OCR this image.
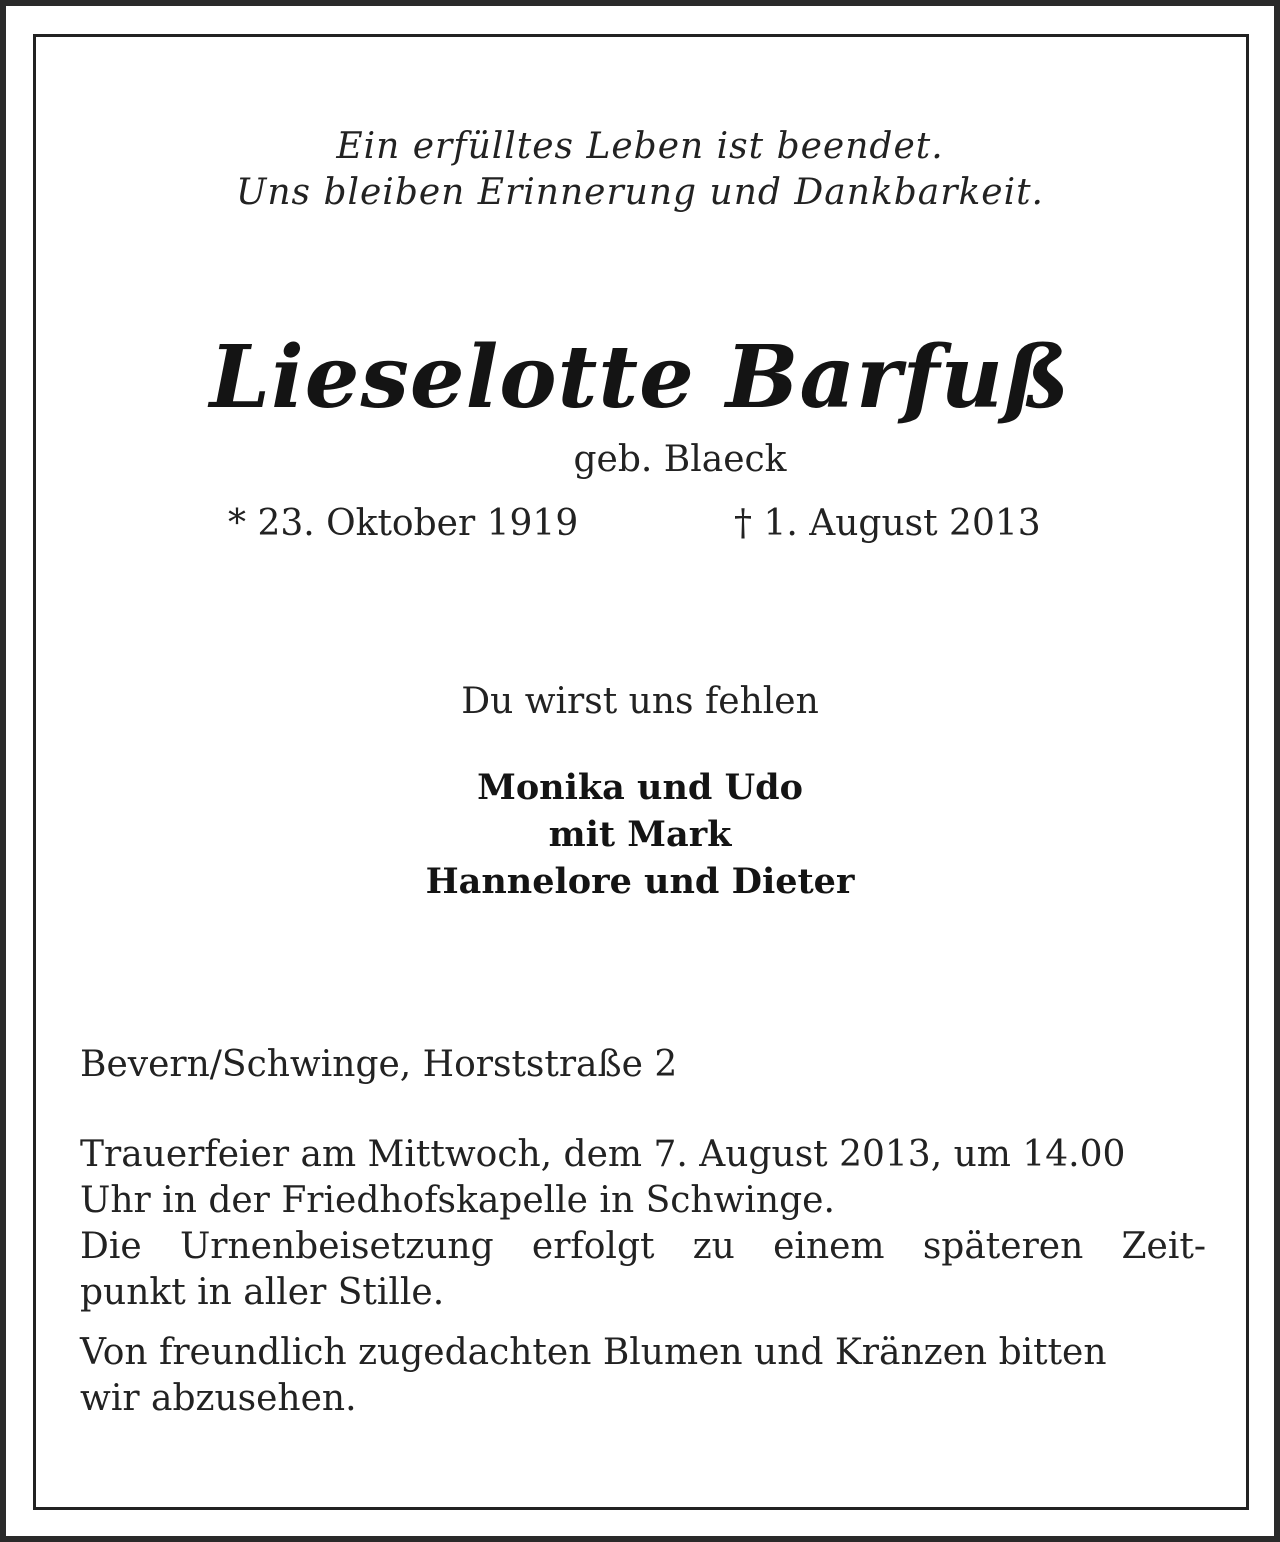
Ein erfülltes Leben ist beendet.
Uns bleiben Erinnerung und Dankbarkeit.
Lieselotte Barfuß
geb. Blaeck
* 23. Oktober 1919	† 1. August 2013
Du wirst uns fehlen
Monika und Udo
mit Mark
Hannelore und Dieter
Bevern/Schwinge, Horststraße 2
Trauerfeier am Mittwoch, dem 7. August 2013, um 14.00
Uhr in der Friedhofskapelle in Schwinge.
Die Urnenbeisetzung erfolgt zu einem späteren Zeit-
punkt in aller Stille.
Von freundlich zugedachten Blumen und Kränzen bitten
wir abzusehen.
